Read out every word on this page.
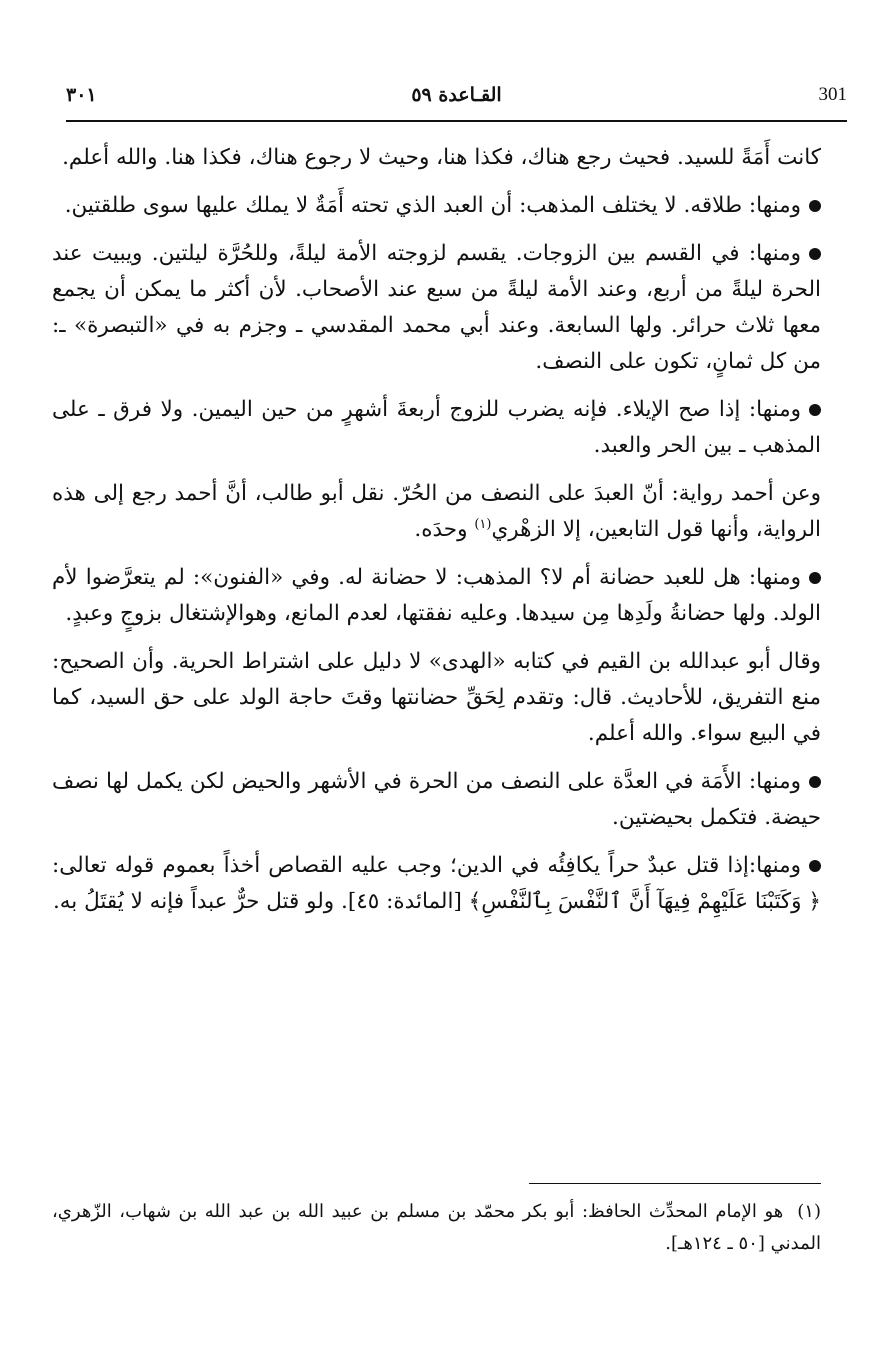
٣٠١	القـاعدة ٥٩	301

كانت أَمَةً للسيد. فحيث رجع هناك، فكذا هنا، وحيث لا رجوع هناك، فكذا هنا. والله أعلم.

ومنها: طلاقه. لا يختلف المذهب: أن العبد الذي تحته أَمَةٌ لا يملك عليها سوى طلقتين.

ومنها: في القسم بين الزوجات. يقسم لزوجته الأمة ليلةً، وللحُرَّة ليلتين. ويبيت عند الحرة ليلةً من أربع، وعند الأمة ليلةً من سبع عند الأصحاب. لأن أكثر ما يمكن أن يجمع معها ثلاث حرائر. ولها السابعة. وعند أبي محمد المقدسي ـ وجزم به في «التبصرة» ـ: من كل ثمانٍ، تكون على النصف.

ومنها: إذا صح الإيلاء. فإنه يضرب للزوج أربعةَ أشهرٍ من حين اليمين. ولا فرق ـ على المذهب ـ بين الحر والعبد.

وعن أحمد رواية: أنّ العبدَ على النصف من الحُرّ. نقل أبو طالب، أنَّ أحمد رجع إلى هذه الرواية، وأنها قول التابعين، إلا الزهْري$^{(١)}$ وحدَه.

ومنها: هل للعبد حضانة أم لا؟ المذهب: لا حضانة له. وفي «الفنون»: لم يتعرَّضوا لأم الولد. ولها حضانةُ ولَدِها مِن سيدها. وعليه نفقتها، لعدم المانع، وهوالإشتغال بزوجٍ وعبدٍ.

وقال أبو عبدالله بن القيم في كتابه «الهدى» لا دليل على اشتراط الحرية. وأن الصحيح: منع التفريق، للأحاديث. قال: وتقدم لِحَقِّ حضانتها وقتَ حاجة الولد على حق السيد، كما في البيع سواء. والله أعلم.

ومنها: الأَمَة في العدَّة على النصف من الحرة في الأشهر والحيض لكن يكمل لها نصف حيضة. فتكمل بحيضتين.

ومنها:إذا قتل عبدٌ حراً يكافِئُه في الدين؛ وجب عليه القصاص أخذاً بعموم قوله تعالى: ﴿ وَكَتَبْنَا عَلَيْهِمْ فِيهَآ أَنَّ ٱلنَّفْسَ بِٱلنَّفْسِ﴾ [المائدة: ٤٥]. ولو قتل حرٌّ عبداً فإنه لا يُقتَلُ به.

(١)هو الإمام المحدِّث الحافظ: أبو بكر محمّد بن مسلم بن عبيد الله بن عبد الله بن شهاب، الزّهري، المدني [٥٠ ـ ١٢٤هـ].
